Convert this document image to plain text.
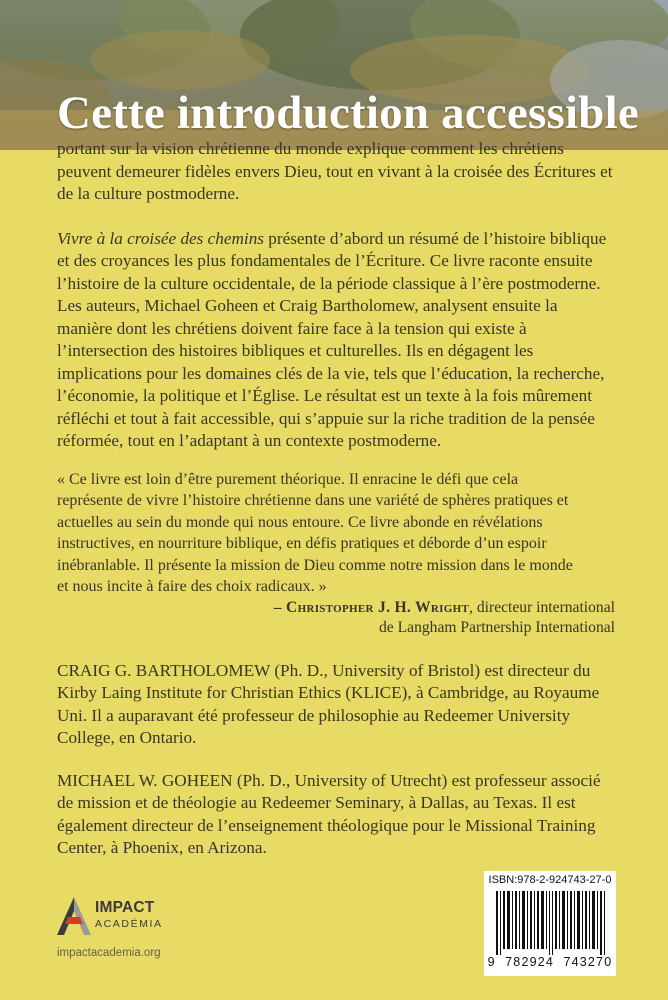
Cette introduction accessible

portant sur la vision chrétienne du monde explique comment les chrétiens peuvent demeurer fidèles envers Dieu, tout en vivant à la croisée des Écritures et de la culture postmoderne.

Vivre à la croisée des chemins présente d’abord un résumé de l’histoire biblique et des croyances les plus fondamentales de l’Écriture. Ce livre raconte ensuite l’histoire de la culture occidentale, de la période classique à l’ère postmoderne. Les auteurs, Michael Goheen et Craig Bartholomew, analysent ensuite la manière dont les chrétiens doivent faire face à la tension qui existe à l’intersection des histoires bibliques et culturelles. Ils en dégagent les implications pour les domaines clés de la vie, tels que l’éducation, la recherche, l’économie, la politique et l’Église. Le résultat est un texte à la fois mûrement réfléchi et tout à fait accessible, qui s’appuie sur la riche tradition de la pensée réformée, tout en l’adaptant à un contexte postmoderne.

« Ce livre est loin d’être purement théorique. Il enracine le défi que cela représente de vivre l’histoire chrétienne dans une variété de sphères pratiques et actuelles au sein du monde qui nous entoure. Ce livre abonde en révélations instructives, en nourriture biblique, en défis pratiques et déborde d’un espoir inébranlable. Il présente la mission de Dieu comme notre mission dans le monde et nous incite à faire des choix radicaux. »

– Christopher J. H. Wright, directeur international
de Langham Partnership International

CRAIG G. BARTHOLOMEW (Ph. D., University of Bristol) est directeur du Kirby Laing Institute for Christian Ethics (KLICE), à Cambridge, au Royaume Uni. Il a auparavant été professeur de philosophie au Redeemer University College, en Ontario.

MICHAEL W. GOHEEN (Ph. D., University of Utrecht) est professeur associé de mission et de théologie au Redeemer Seminary, à Dallas, au Texas. Il est également directeur de l’enseignement théologique pour le Missional Training Center, à Phoenix, en Arizona.

IMPACT
ACADÉMIA
impactacademia.org
ISBN:978-2-924743-27-0
9 782924 743270
